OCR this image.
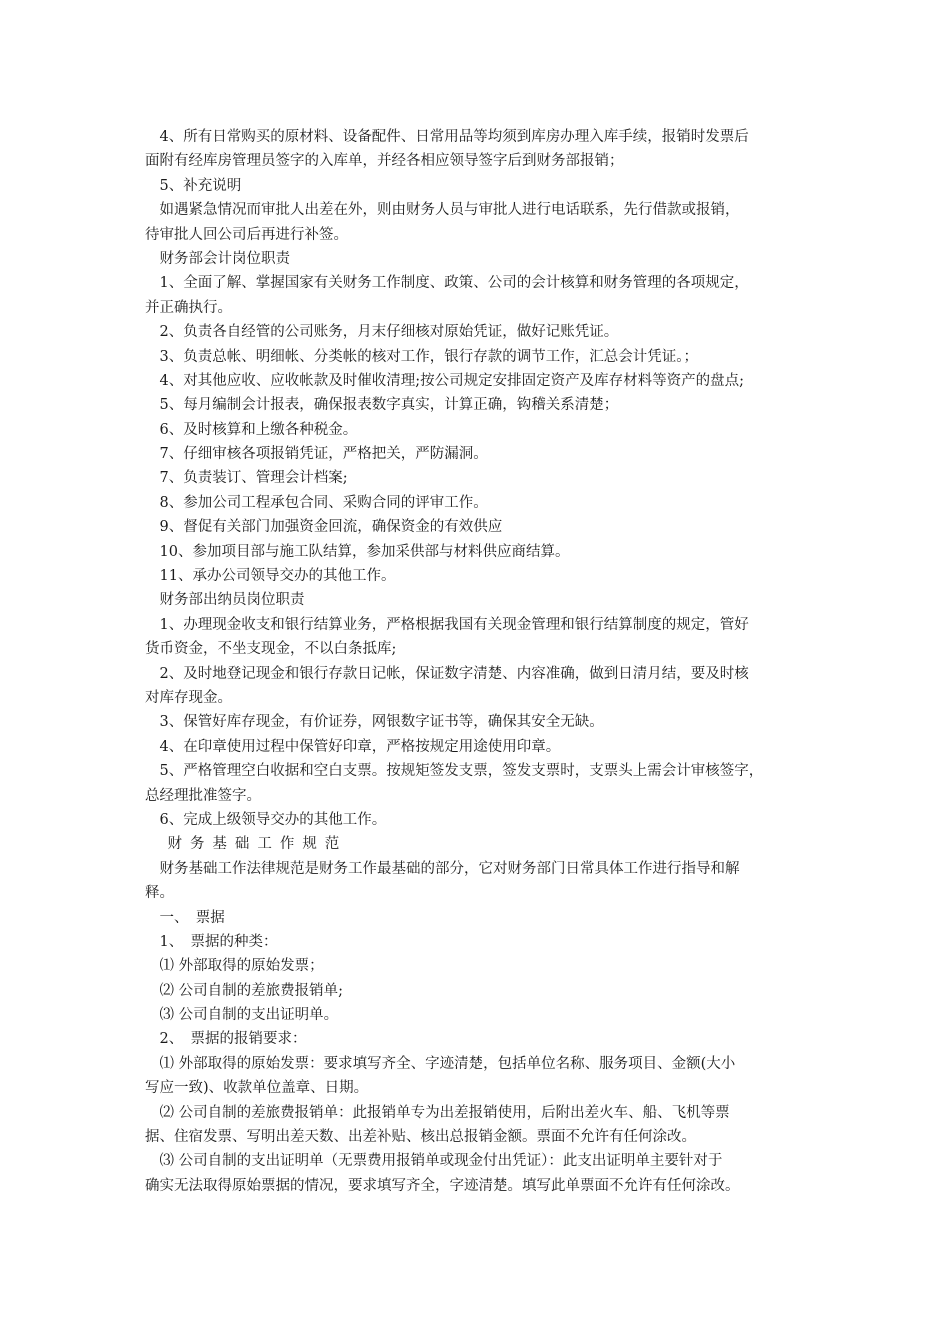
　4、所有日常购买的原材料、设备配件、日常用品等均须到库房办理入库手续，报销时发票后
面附有经库房管理员签字的入库单，并经各相应领导签字后到财务部报销；
　5、补充说明
　如遇紧急情况而审批人出差在外，则由财务人员与审批人进行电话联系，先行借款或报销，
待审批人回公司后再进行补签。
　财务部会计岗位职责
　1、全面了解、掌握国家有关财务工作制度、政策、公司的会计核算和财务管理的各项规定，
并正确执行。
　2、负责各自经管的公司账务，月末仔细核对原始凭证，做好记账凭证。
　3、负责总帐、明细帐、分类帐的核对工作，银行存款的调节工作，汇总会计凭证。；
　4、对其他应收、应收帐款及时催收清理;按公司规定安排固定资产及库存材料等资产的盘点;
　5、每月编制会计报表，确保报表数字真实，计算正确，钩稽关系清楚；
　6、及时核算和上缴各种税金。
　7、仔细审核各项报销凭证，严格把关，严防漏洞。
　7、负责装订、管理会计档案;
　8、参加公司工程承包合同、采购合同的评审工作。
　9、督促有关部门加强资金回流，确保资金的有效供应
　10、参加项目部与施工队结算，参加采供部与材料供应商结算。
　11、承办公司领导交办的其他工作。
　财务部出纳员岗位职责
　1、办理现金收支和银行结算业务，严格根据我国有关现金管理和银行结算制度的规定，管好
货币资金，不坐支现金，不以白条抵库;
　2、及时地登记现金和银行存款日记帐，保证数字清楚、内容准确，做到日清月结，要及时核
对库存现金。
　3、保管好库存现金，有价证券，网银数字证书等，确保其安全无缺。
　4、在印章使用过程中保管好印章，严格按规定用途使用印章。
　5、严格管理空白收据和空白支票。按规矩签发支票，签发支票时，支票头上需会计审核签字，
总经理批准签字。
　6、完成上级领导交办的其他工作。
　财务基础工作规范
　财务基础工作法律规范是财务工作最基础的部分，它对财务部门日常具体工作进行指导和解
释。
　一、　票据
　1、　票据的种类：
　⑴ 外部取得的原始发票；
　⑵ 公司自制的差旅费报销单;
　⑶ 公司自制的支出证明单。
　2、　票据的报销要求：
　⑴ 外部取得的原始发票：要求填写齐全、字迹清楚，包括单位名称、服务项目、金额(大小
写应一致)、收款单位盖章、日期。
　⑵ 公司自制的差旅费报销单：此报销单专为出差报销使用，后附出差火车、船、飞机等票
据、住宿发票、写明出差天数、出差补贴、核出总报销金额。票面不允许有任何涂改。
　⑶ 公司自制的支出证明单（无票费用报销单或现金付出凭证）：此支出证明单主要针对于
确实无法取得原始票据的情况，要求填写齐全，字迹清楚。填写此单票面不允许有任何涂改。
